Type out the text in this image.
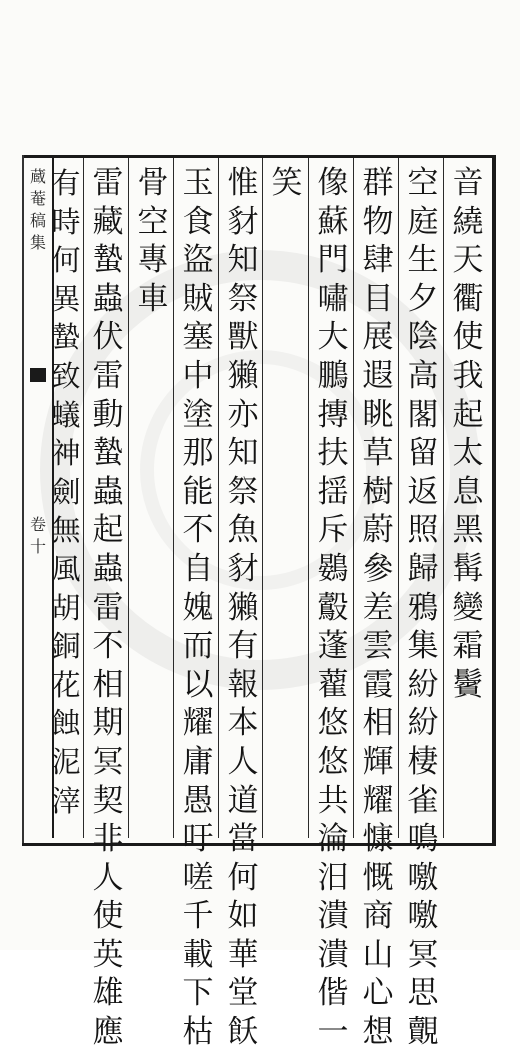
蔵
菴
稿
集
卷
十
音
繞
天
衢
使
我
起
太
息
黑
髯
變
霜
鬢
空
庭
生
夕
陰
高
閣
留
返
照
歸
鴉
集
紛
紛
棲
雀
鳴
噭
噭
冥
思
覿
群
物
肆
目
展
遐
眺
草
樹
蔚
參
差
雲
霞
相
輝
耀
慷
慨
商
山
心
想
像
蘇
門
嘯
大
鵬
摶
扶
揺
斥
鷃
鷇
蓬
藋
悠
悠
共
淪
汨
潰
潰
偕
一
笑
惟
豺
知
祭
獸
獺
亦
知
祭
魚
豺
獺
有
報
本
人
道
當
何
如
華
堂
飫
玉
食
盜
賊
塞
中
塗
那
能
不
自
媿
而
以
耀
庸
愚
吁
嗟
千
載
下
枯
骨
空
專
車
雷
藏
蟄
蟲
伏
雷
動
蟄
蟲
起
蟲
雷
不
相
期
冥
契
非
人
使
英
雄
應
有
時
何
異
蟄
致
蟻
神
劍
無
風
胡
銅
花
蝕
泥
滓
